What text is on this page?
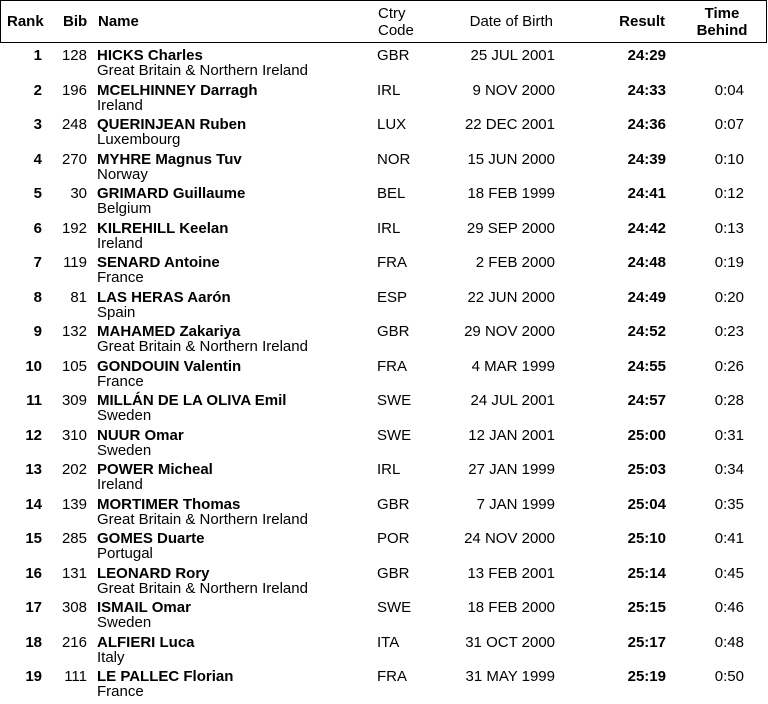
Rank Bib Name	Ctry
Code
Date of Birth	Result	Time
Behind
1 128 HICKS Charles
Great Britain & Northern Ireland
GBR	25 JUL 2001	24:29
2 196 MCELHINNEY Darragh
Ireland
IRL	9 NOV 2000	24:33	0:04
3 248 QUERINJEAN Ruben
Luxembourg
LUX	22 DEC 2001	24:36	0:07
4 270 MYHRE Magnus Tuv
Norway
NOR	15 JUN 2000	24:39	0:10
5 30 GRIMARD Guillaume
Belgium
BEL	18 FEB 1999	24:41	0:12
6 192 KILREHILL Keelan
Ireland
IRL	29 SEP 2000	24:42	0:13
7 119 SENARD Antoine
France
FRA	2 FEB 2000	24:48	0:19
8 81 LAS HERAS Aarón
Spain
ESP	22 JUN 2000	24:49	0:20
9 132 MAHAMED Zakariya
Great Britain & Northern Ireland
GBR	29 NOV 2000	24:52	0:23
10 105 GONDOUIN Valentin
France
FRA	4 MAR 1999	24:55	0:26
11 309 MILLÁN DE LA OLIVA Emil
Sweden
SWE	24 JUL 2001	24:57	0:28
12 310 NUUR Omar
Sweden
SWE	12 JAN 2001	25:00	0:31
13 202 POWER Micheal
Ireland
IRL	27 JAN 1999	25:03	0:34
14 139 MORTIMER Thomas
Great Britain & Northern Ireland
GBR	7 JAN 1999	25:04	0:35
15 285 GOMES Duarte
Portugal
POR	24 NOV 2000	25:10	0:41
16 131 LEONARD Rory
Great Britain & Northern Ireland
GBR	13 FEB 2001	25:14	0:45
17 308 ISMAIL Omar
Sweden
SWE	18 FEB 2000	25:15	0:46
18 216 ALFIERI Luca
Italy
ITA	31 OCT 2000	25:17	0:48
19 111 LE PALLEC Florian
France
FRA	31 MAY 1999	25:19	0:50
